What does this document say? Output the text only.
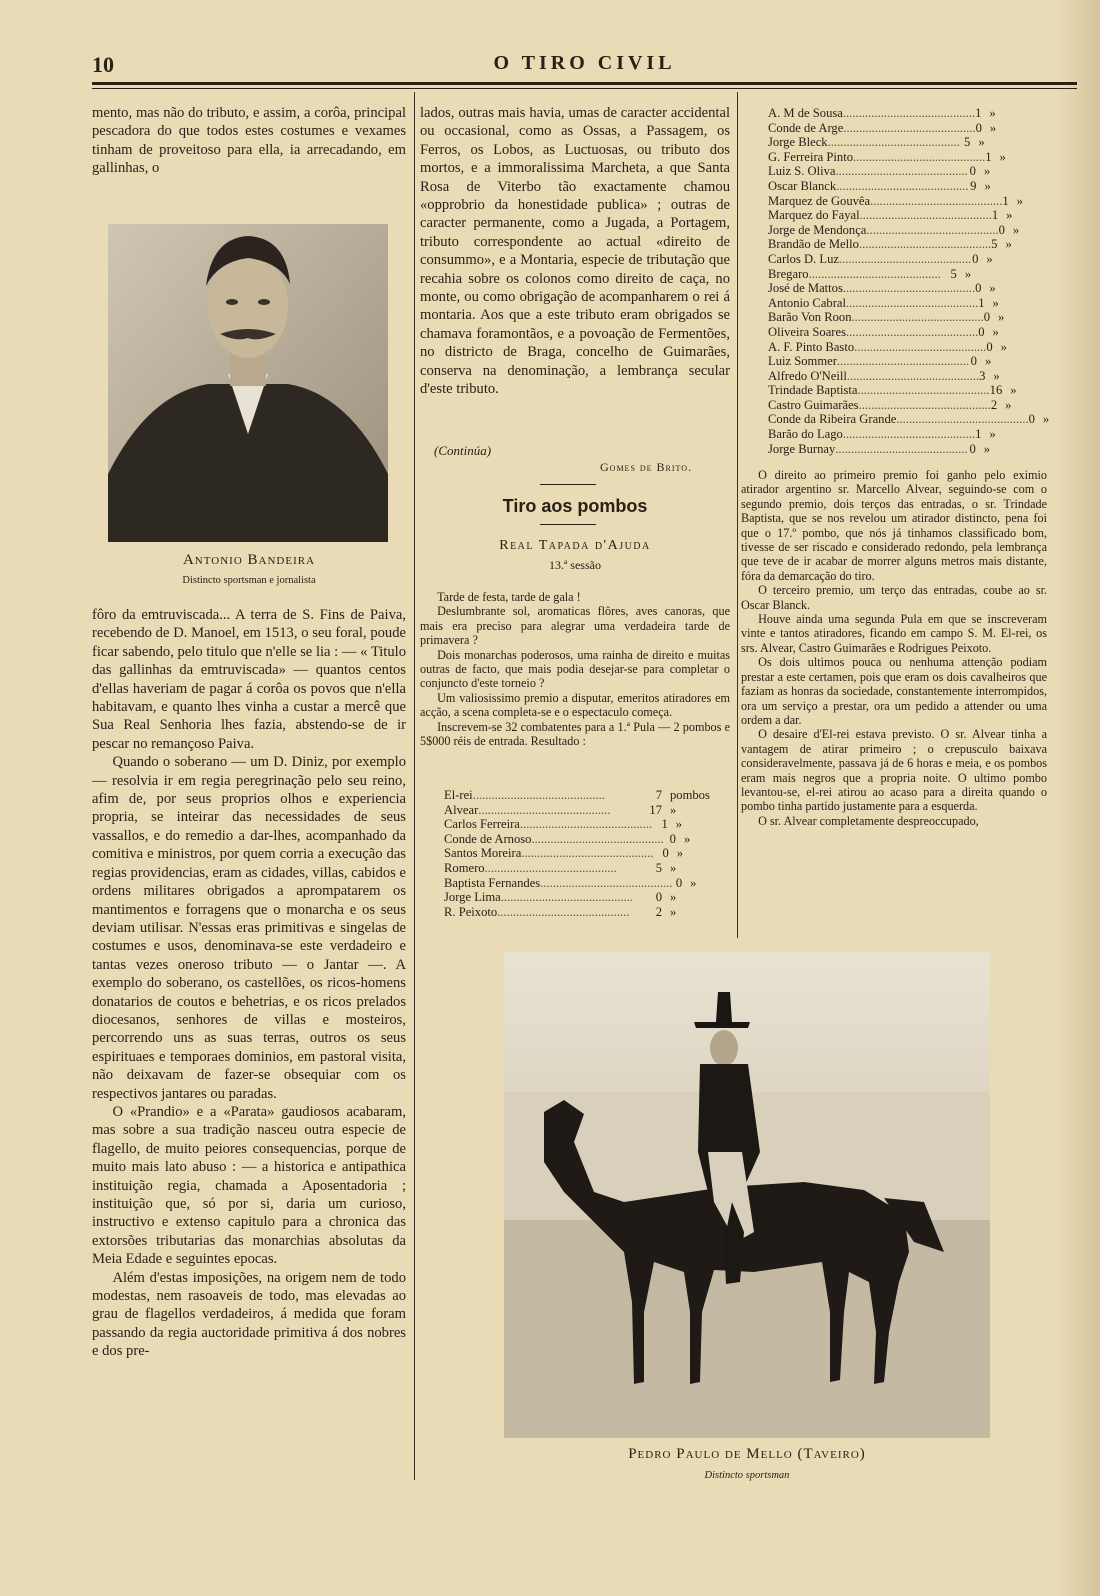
10	O TIRO CIVIL

mento, mas não do tributo, e assim, a corôa, principal pescadora do que todos estes costumes e vexames tinham de proveitoso para ella, ia arrecadando, em gallinhas, o

Antonio Bandeira
Distincto sportsman e jornalista

fôro da emtruviscada... A terra de S. Fins de Paiva, recebendo de D. Manoel, em 1513, o seu foral, poude ficar sabendo, pelo titulo que n'elle se lia : — « Titulo das gallinhas da emtruviscada» — quantos centos d'ellas haveriam de pagar á corôa os povos que n'ella habitavam, e quanto lhes vinha a custar a mercê que Sua Real Senhoria lhes fazia, abstendo-se de ir pescar no remançoso Paiva.

Quando o soberano — um D. Diniz, por exemplo — resolvia ir em regia peregrinação pelo seu reino, afim de, por seus proprios olhos e experiencia propria, se inteirar das necessidades de seus vassallos, e do remedio a dar-lhes, acompanhado da comitiva e ministros, por quem corria a execução das regias providencias, eram as cidades, villas, cabidos e ordens militares obrigados a aprompatarem os mantimentos e forragens que o monarcha e os seus deviam utilisar. N'essas eras primitivas e singelas de costumes e usos, denominava-se este verdadeiro e tantas vezes oneroso tributo — o Jantar —. A exemplo do soberano, os castellões, os ricos-homens donatarios de coutos e behetrias, e os ricos prelados diocesanos, senhores de villas e mosteiros, percorrendo uns as suas terras, outros os seus espirituaes e temporaes dominios, em pastoral visita, não deixavam de fazer-se obsequiar com os respectivos jantares ou paradas.

O «Prandio» e a «Parata» gaudiosos acabaram, mas sobre a sua tradição nasceu outra especie de flagello, de muito peiores consequencias, porque de muito mais lato abuso : — a historica e antipathica instituição regia, chamada a Aposentadoria ; instituição que, só por si, daria um curioso, instructivo e extenso capitulo para a chronica das extorsões tributarias das monarchias absolutas da Meia Edade e seguintes epocas.

Além d'estas imposições, na origem nem de todo modestas, nem rasoaveis de todo, mas elevadas ao grau de flagellos verdadeiros, á medida que foram passando da regia auctoridade primitiva á dos nobres e dos pre-

lados, outras mais havia, umas de caracter accidental ou occasional, como as Ossas, a Passagem, os Ferros, os Lobos, as Luctuosas, ou tributo dos mortos, e a immoralissima Marcheta, a que Santa Rosa de Viterbo tão exactamente chamou «opprobrio da honestidade publica» ; outras de caracter permanente, como a Jugada, a Portagem, tributo correspondente ao actual «direito de consummo», e a Montaria, especie de tributação que recahia sobre os colonos como direito de caça, no monte, ou como obrigação de acompanharem o rei á montaria. Aos que a este tributo eram obrigados se chamava foramontãos, e a povoação de Fermentões, no districto de Braga, concelho de Guimarães, conserva na denominação, a lembrança secular d'este tributo.

(Continúa)
Gomes de Brito.
Tiro aos pombos
Real Tapada d'Ajuda
13.ª sessão

Tarde de festa, tarde de gala !

Deslumbrante sol, aromaticas flôres, aves canoras, que mais era preciso para alegrar uma verdadeira tarde de primavera ?

Dois monarchas poderosos, uma rainha de direito e muitas outras de facto, que mais podia desejar-se para completar o conjuncto d'este torneio ?

Um valiosissimo premio a disputar, emeritos atiradores em acção, a scena completa-se e o espectaculo começa.

Inscrevem-se 32 combatentes para a 1.ª Pula — 2 pombos e 5$000 réis de entrada. Resultado :

El-rei ..........................................	7 pombos
Alvear ..........................................	17 »
Carlos Ferreira .......................................... 1 »
Conde de Arnoso .......................................... 0 »
Santos Moreira .......................................... 0 »
Romero ..........................................	5 »
Baptista Fernandes .......................................... 0 »
Jorge Lima ..........................................	0 »
R. Peixoto ..........................................	2 »
A. M de Sousa .......................................... 1 »
Conde de Arge .......................................... 0 »
Jorge Bleck .......................................... 5 »
G. Ferreira Pinto .......................................... 1 »
Luiz S. Oliva .......................................... 0 »
Oscar Blanck .......................................... 9 »
Marquez de Gouvêa .......................................... 1 »
Marquez do Fayal .......................................... 1 »
Jorge de Mendonça .......................................... 0 »
Brandão de Mello .......................................... 5 »
Carlos D. Luz .......................................... 0 »
Bregaro .......................................... 5 »
José de Mattos .......................................... 0 »
Antonio Cabral .......................................... 1 »
Barão Von Roon .......................................... 0 »
Oliveira Soares .......................................... 0 »
A. F. Pinto Basto .......................................... 0 »
Luiz Sommer .......................................... 0 »
Alfredo O'Neill .......................................... 3 »
Trindade Baptista .......................................... 16 »
Castro Guimarães .......................................... 2 »
Conde da Ribeira Grande .......................................... 0 »
Barão do Lago .......................................... 1 »
Jorge Burnay .......................................... 0 »

O direito ao primeiro premio foi ganho pelo eximio atirador argentino sr. Marcello Alvear, seguindo-se com o segundo premio, dois terços das entradas, o sr. Trindade Baptista, que se nos revelou um atirador distincto, pena foi que o 17.º pombo, que nós já tinhamos classificado bom, tivesse de ser riscado e considerado redondo, pela lembrança que teve de ir acabar de morrer alguns metros mais distante, fóra da demarcação do tiro.

O terceiro premio, um terço das entradas, coube ao sr. Oscar Blanck.

Houve ainda uma segunda Pula em que se inscreveram vinte e tantos atiradores, ficando em campo S. M. El-rei, os srs. Alvear, Castro Guimarães e Rodrigues Peixoto.

Os dois ultimos pouca ou nenhuma attenção podiam prestar a este certamen, pois que eram os dois cavalheiros que faziam as honras da sociedade, constantemente interrompidos, ora um serviço a prestar, ora um pedido a attender ou uma ordem a dar.

O desaire d'El-rei estava previsto. O sr. Alvear tinha a vantagem de atirar primeiro ; o crepusculo baixava consideravelmente, passava já de 6 horas e meia, e os pombos eram mais negros que a propria noite. O ultimo pombo levantou-se, el-rei atirou ao acaso para a direita quando o pombo tinha partido justamente para a esquerda.

O sr. Alvear completamente despreoccupado,

Pedro Paulo de Mello (Taveiro)
Distincto sportsman
